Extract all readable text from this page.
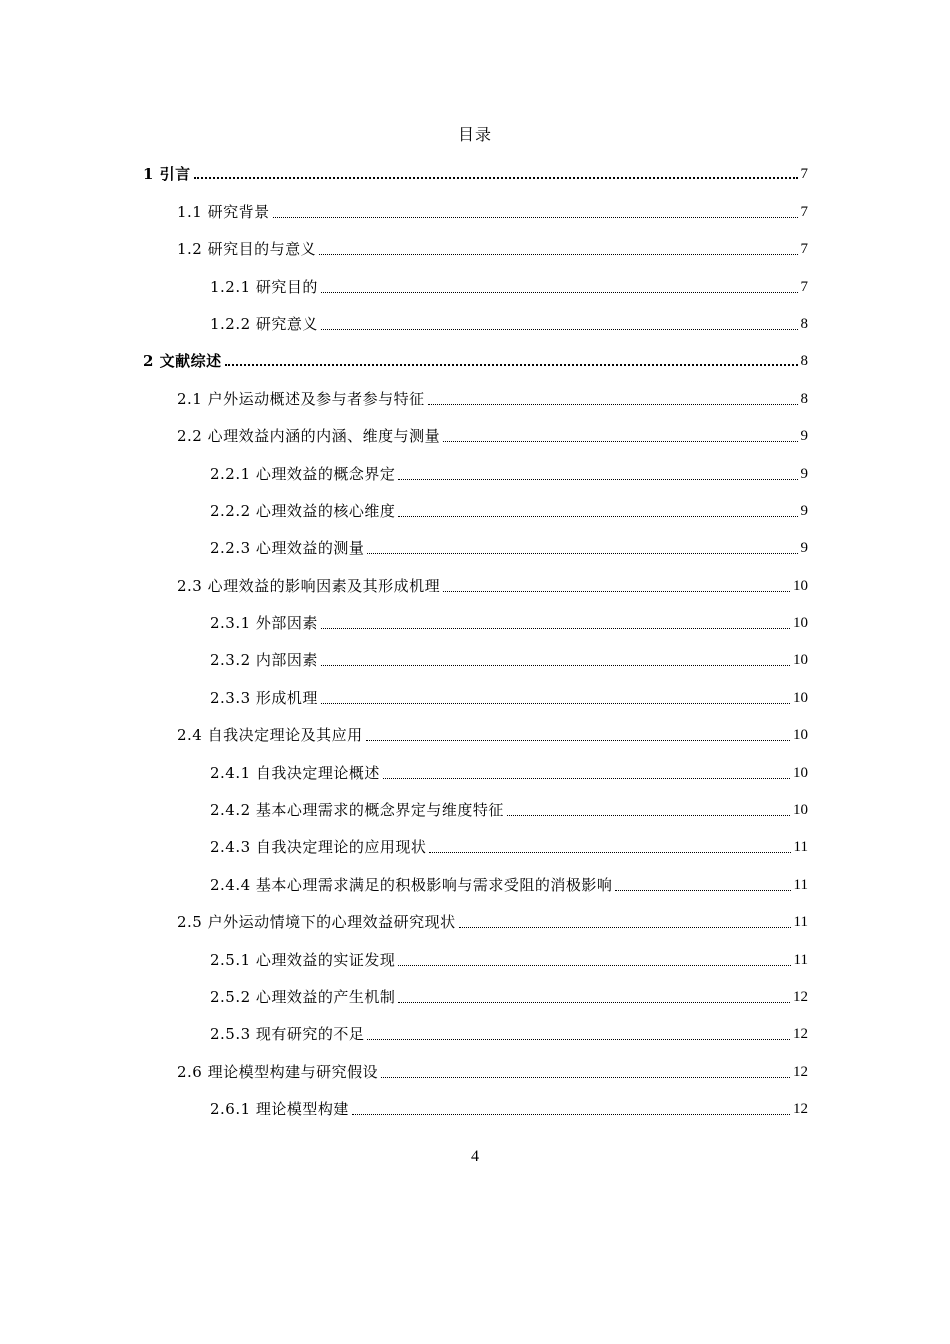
目录
1 引言	7
1.1 研究背景	7
1.2 研究目的与意义	7
1.2.1 研究目的	7
1.2.2 研究意义	8
2 文献综述	8
2.1 户外运动概述及参与者参与特征	8
2.2 心理效益内涵的内涵、维度与测量	9
2.2.1 心理效益的概念界定	9
2.2.2 心理效益的核心维度	9
2.2.3 心理效益的测量	9
2.3 心理效益的影响因素及其形成机理	10
2.3.1 外部因素	10
2.3.2 内部因素	10
2.3.3 形成机理	10
2.4 自我决定理论及其应用	10
2.4.1 自我决定理论概述	10
2.4.2 基本心理需求的概念界定与维度特征	10
2.4.3 自我决定理论的应用现状	11
2.4.4 基本心理需求满足的积极影响与需求受阻的消极影响	11
2.5 户外运动情境下的心理效益研究现状	11
2.5.1 心理效益的实证发现	11
2.5.2 心理效益的产生机制	12
2.5.3 现有研究的不足	12
2.6 理论模型构建与研究假设	12
2.6.1 理论模型构建	12
4
